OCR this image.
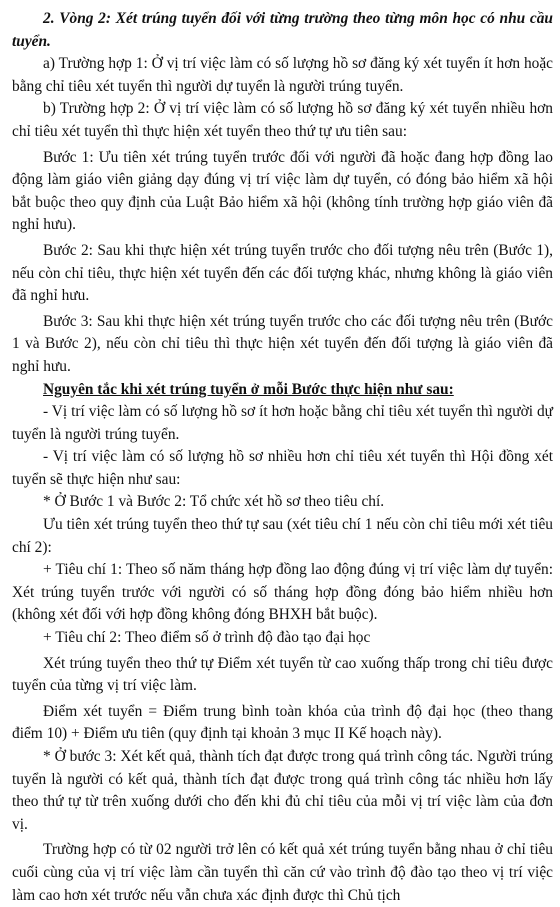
2. Vòng 2: Xét trúng tuyển đối với từng trường theo từng môn học có nhu cầu tuyển.

a) Trường hợp 1: Ở vị trí việc làm có số lượng hồ sơ đăng ký xét tuyển ít hơn hoặc bằng chỉ tiêu xét tuyển thì người dự tuyển là người trúng tuyển.

b) Trường hợp 2: Ở vị trí việc làm có số lượng hồ sơ đăng ký xét tuyển nhiều hơn chỉ tiêu xét tuyển thì thực hiện xét tuyển theo thứ tự ưu tiên sau:

Bước 1: Ưu tiên xét trúng tuyển trước đối với người đã hoặc đang hợp đồng lao động làm giáo viên giảng dạy đúng vị trí việc làm dự tuyển, có đóng bảo hiểm xã hội bắt buộc theo quy định của Luật Bảo hiểm xã hội (không tính trường hợp giáo viên đã nghỉ hưu).

Bước 2: Sau khi thực hiện xét trúng tuyển trước cho đối tượng nêu trên (Bước 1), nếu còn chỉ tiêu, thực hiện xét tuyển đến các đối tượng khác, nhưng không là giáo viên đã nghỉ hưu.

Bước 3: Sau khi thực hiện xét trúng tuyển trước cho các đối tượng nêu trên (Bước 1 và Bước 2), nếu còn chỉ tiêu thì thực hiện xét tuyển đến đối tượng là giáo viên đã nghỉ hưu.

Nguyên tắc khi xét trúng tuyển ở mỗi Bước thực hiện như sau:

- Vị trí việc làm có số lượng hồ sơ ít hơn hoặc bằng chỉ tiêu xét tuyển thì người dự tuyển là người trúng tuyển.

- Vị trí việc làm có số lượng hồ sơ nhiều hơn chỉ tiêu xét tuyển thì Hội đồng xét tuyển sẽ thực hiện như sau:

* Ở Bước 1 và Bước 2: Tổ chức xét hồ sơ theo tiêu chí.

Ưu tiên xét trúng tuyển theo thứ tự sau (xét tiêu chí 1 nếu còn chỉ tiêu mới xét tiêu chí 2):

+ Tiêu chí 1: Theo số năm tháng hợp đồng lao động đúng vị trí việc làm dự tuyển: Xét trúng tuyển trước với người có số tháng hợp đồng đóng bảo hiểm nhiều hơn (không xét đối với hợp đồng không đóng BHXH bắt buộc).

+ Tiêu chí 2: Theo điểm số ở trình độ đào tạo đại học

Xét trúng tuyển theo thứ tự Điểm xét tuyển từ cao xuống thấp trong chỉ tiêu được tuyển của từng vị trí việc làm.

Điểm xét tuyển = Điểm trung bình toàn khóa của trình độ đại học (theo thang điểm 10) + Điểm ưu tiên (quy định tại khoản 3 mục II Kế hoạch này).

* Ở bước 3: Xét kết quả, thành tích đạt được trong quá trình công tác. Người trúng tuyển là người có kết quả, thành tích đạt được trong quá trình công tác nhiều hơn lấy theo thứ tự từ trên xuống dưới cho đến khi đủ chỉ tiêu của mỗi vị trí việc làm của đơn vị.

Trường hợp có từ 02 người trở lên có kết quả xét trúng tuyển bằng nhau ở chỉ tiêu cuối cùng của vị trí việc làm cần tuyển thì căn cứ vào trình độ đào tạo theo vị trí việc làm cao hơn xét trước nếu vẫn chưa xác định được thì Chủ tịch
